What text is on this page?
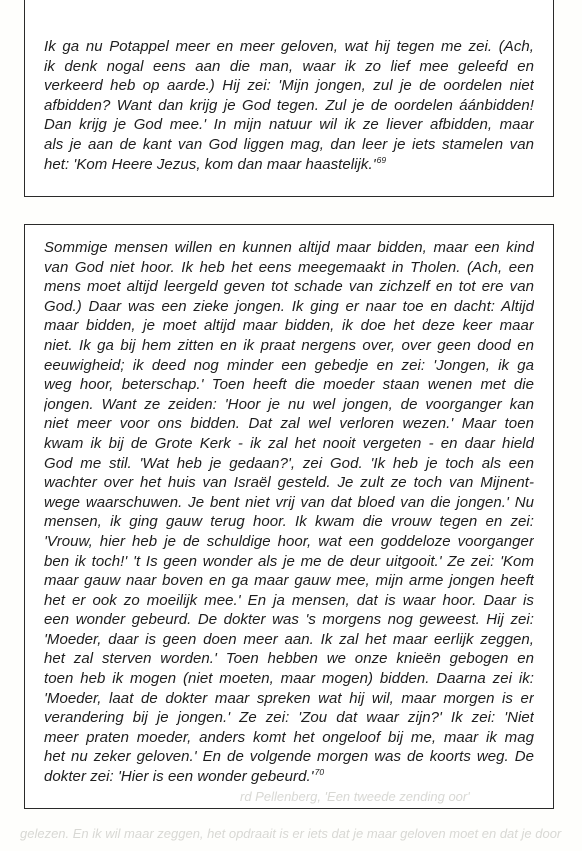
Ik ga nu Potappel meer en meer geloven, wat hij tegen me zei. (Ach,
ik denk nogal eens aan die man, waar ik zo lief mee geleefd en
verkeerd heb op aarde.) Hij zei: 'Mijn jongen, zul je de oordelen niet
afbidden? Want dan krijg je God tegen. Zul je de oordelen áánbidden!
Dan krijg je God mee.' In mijn natuur wil ik ze liever afbidden, maar
als je aan de kant van God liggen mag, dan leer je iets stamelen van
het: 'Kom Heere Jezus, kom dan maar haastelijk.'$^{69}$
Sommige mensen willen en kunnen altijd maar bidden, maar een kind
van God niet hoor. Ik heb het eens meegemaakt in Tholen. (Ach, een
mens moet altijd leergeld geven tot schade van zichzelf en tot ere van
God.) Daar was een zieke jongen. Ik ging er naar toe en dacht: Altijd
maar bidden, je moet altijd maar bidden, ik doe het deze keer maar
niet. Ik ga bij hem zitten en ik praat nergens over, over geen dood en
eeuwigheid; ik deed nog minder een gebedje en zei: 'Jongen, ik ga
weg hoor, beterschap.' Toen heeft die moeder staan wenen met die
jongen. Want ze zeiden: 'Hoor je nu wel jongen, de voorganger kan
niet meer voor ons bidden. Dat zal wel verloren wezen.' Maar toen
kwam ik bij de Grote Kerk - ik zal het nooit vergeten - en daar hield
God me stil. 'Wat heb je gedaan?', zei God. 'Ik heb je toch als een
wachter over het huis van Israël gesteld. Je zult ze toch van Mijnent-
wege waarschuwen. Je bent niet vrij van dat bloed van die jongen.' Nu
mensen, ik ging gauw terug hoor. Ik kwam die vrouw tegen en zei:
'Vrouw, hier heb je de schuldige hoor, wat een goddeloze voorganger
ben ik toch!' 't Is geen wonder als je me de deur uitgooit.' Ze zei: 'Kom
maar gauw naar boven en ga maar gauw mee, mijn arme jongen heeft
het er ook zo moeilijk mee.' En ja mensen, dat is waar hoor. Daar is
een wonder gebeurd. De dokter was 's morgens nog geweest. Hij zei:
'Moeder, daar is geen doen meer aan. Ik zal het maar eerlijk zeggen,
het zal sterven worden.' Toen hebben we onze knieën gebogen en
toen heb ik mogen (niet moeten, maar mogen) bidden. Daarna zei ik:
'Moeder, laat de dokter maar spreken wat hij wil, maar morgen is er
verandering bij je jongen.' Ze zei: 'Zou dat waar zijn?' Ik zei: 'Niet
meer praten moeder, anders komt het ongeloof bij me, maar ik mag
het nu zeker geloven.' En de volgende morgen was de koorts weg. De
dokter zei: 'Hier is een wonder gebeurd.'$^{70}$
rd Pellenberg, 'Een tweede zending oor'
gelezen. En ik wil maar zeggen, het opdraait is er iets dat je maar geloven moet en dat je door
